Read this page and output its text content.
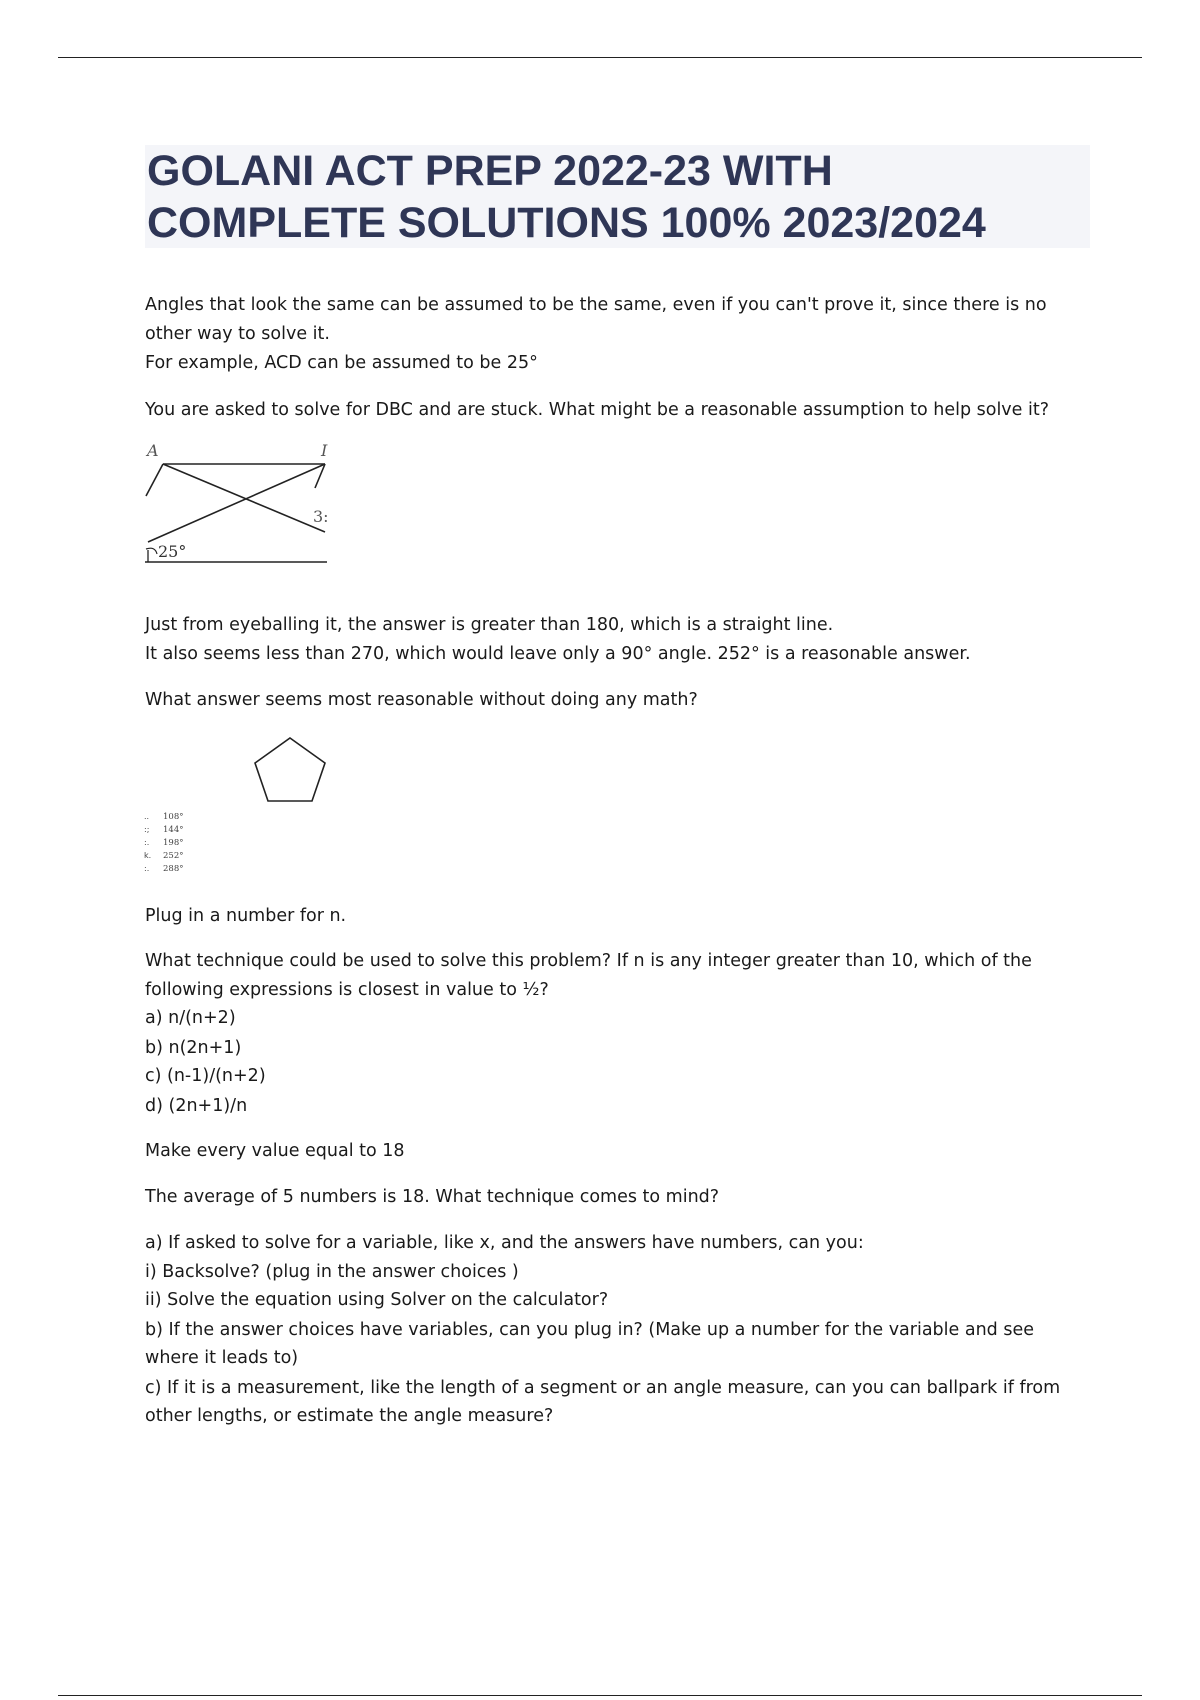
GOLANI ACT PREP 2022-23 WITH
COMPLETE SOLUTIONS 100% 2023/2024

Angles that look the same can be assumed to be the same, even if you can't prove it, since there is no

other way to solve it.

For example, ACD can be assumed to be 25°

You are asked to solve for DBC and are stuck. What might be a reasonable assumption to help solve it?

A	I
3:
25°

Just from eyeballing it, the answer is greater than 180, which is a straight line.

It also seems less than 270, which would leave only a 90° angle. 252° is a reasonable answer.

What answer seems most reasonable without doing any math?

..
:;
:.
k.
:.
108°
144°
198°
252°
288°

Plug in a number for n.

What technique could be used to solve this problem? If n is any integer greater than 10, which of the

following expressions is closest in value to ½?

a) n/(n+2)

b) n(2n+1)

c) (n-1)/(n+2)

d) (2n+1)/n

Make every value equal to 18

The average of 5 numbers is 18. What technique comes to mind?

a) If asked to solve for a variable, like x, and the answers have numbers, can you:

i) Backsolve? (plug in the answer choices )

ii) Solve the equation using Solver on the calculator?

b) If the answer choices have variables, can you plug in? (Make up a number for the variable and see

where it leads to)

c) If it is a measurement, like the length of a segment or an angle measure, can you can ballpark if from

other lengths, or estimate the angle measure?
